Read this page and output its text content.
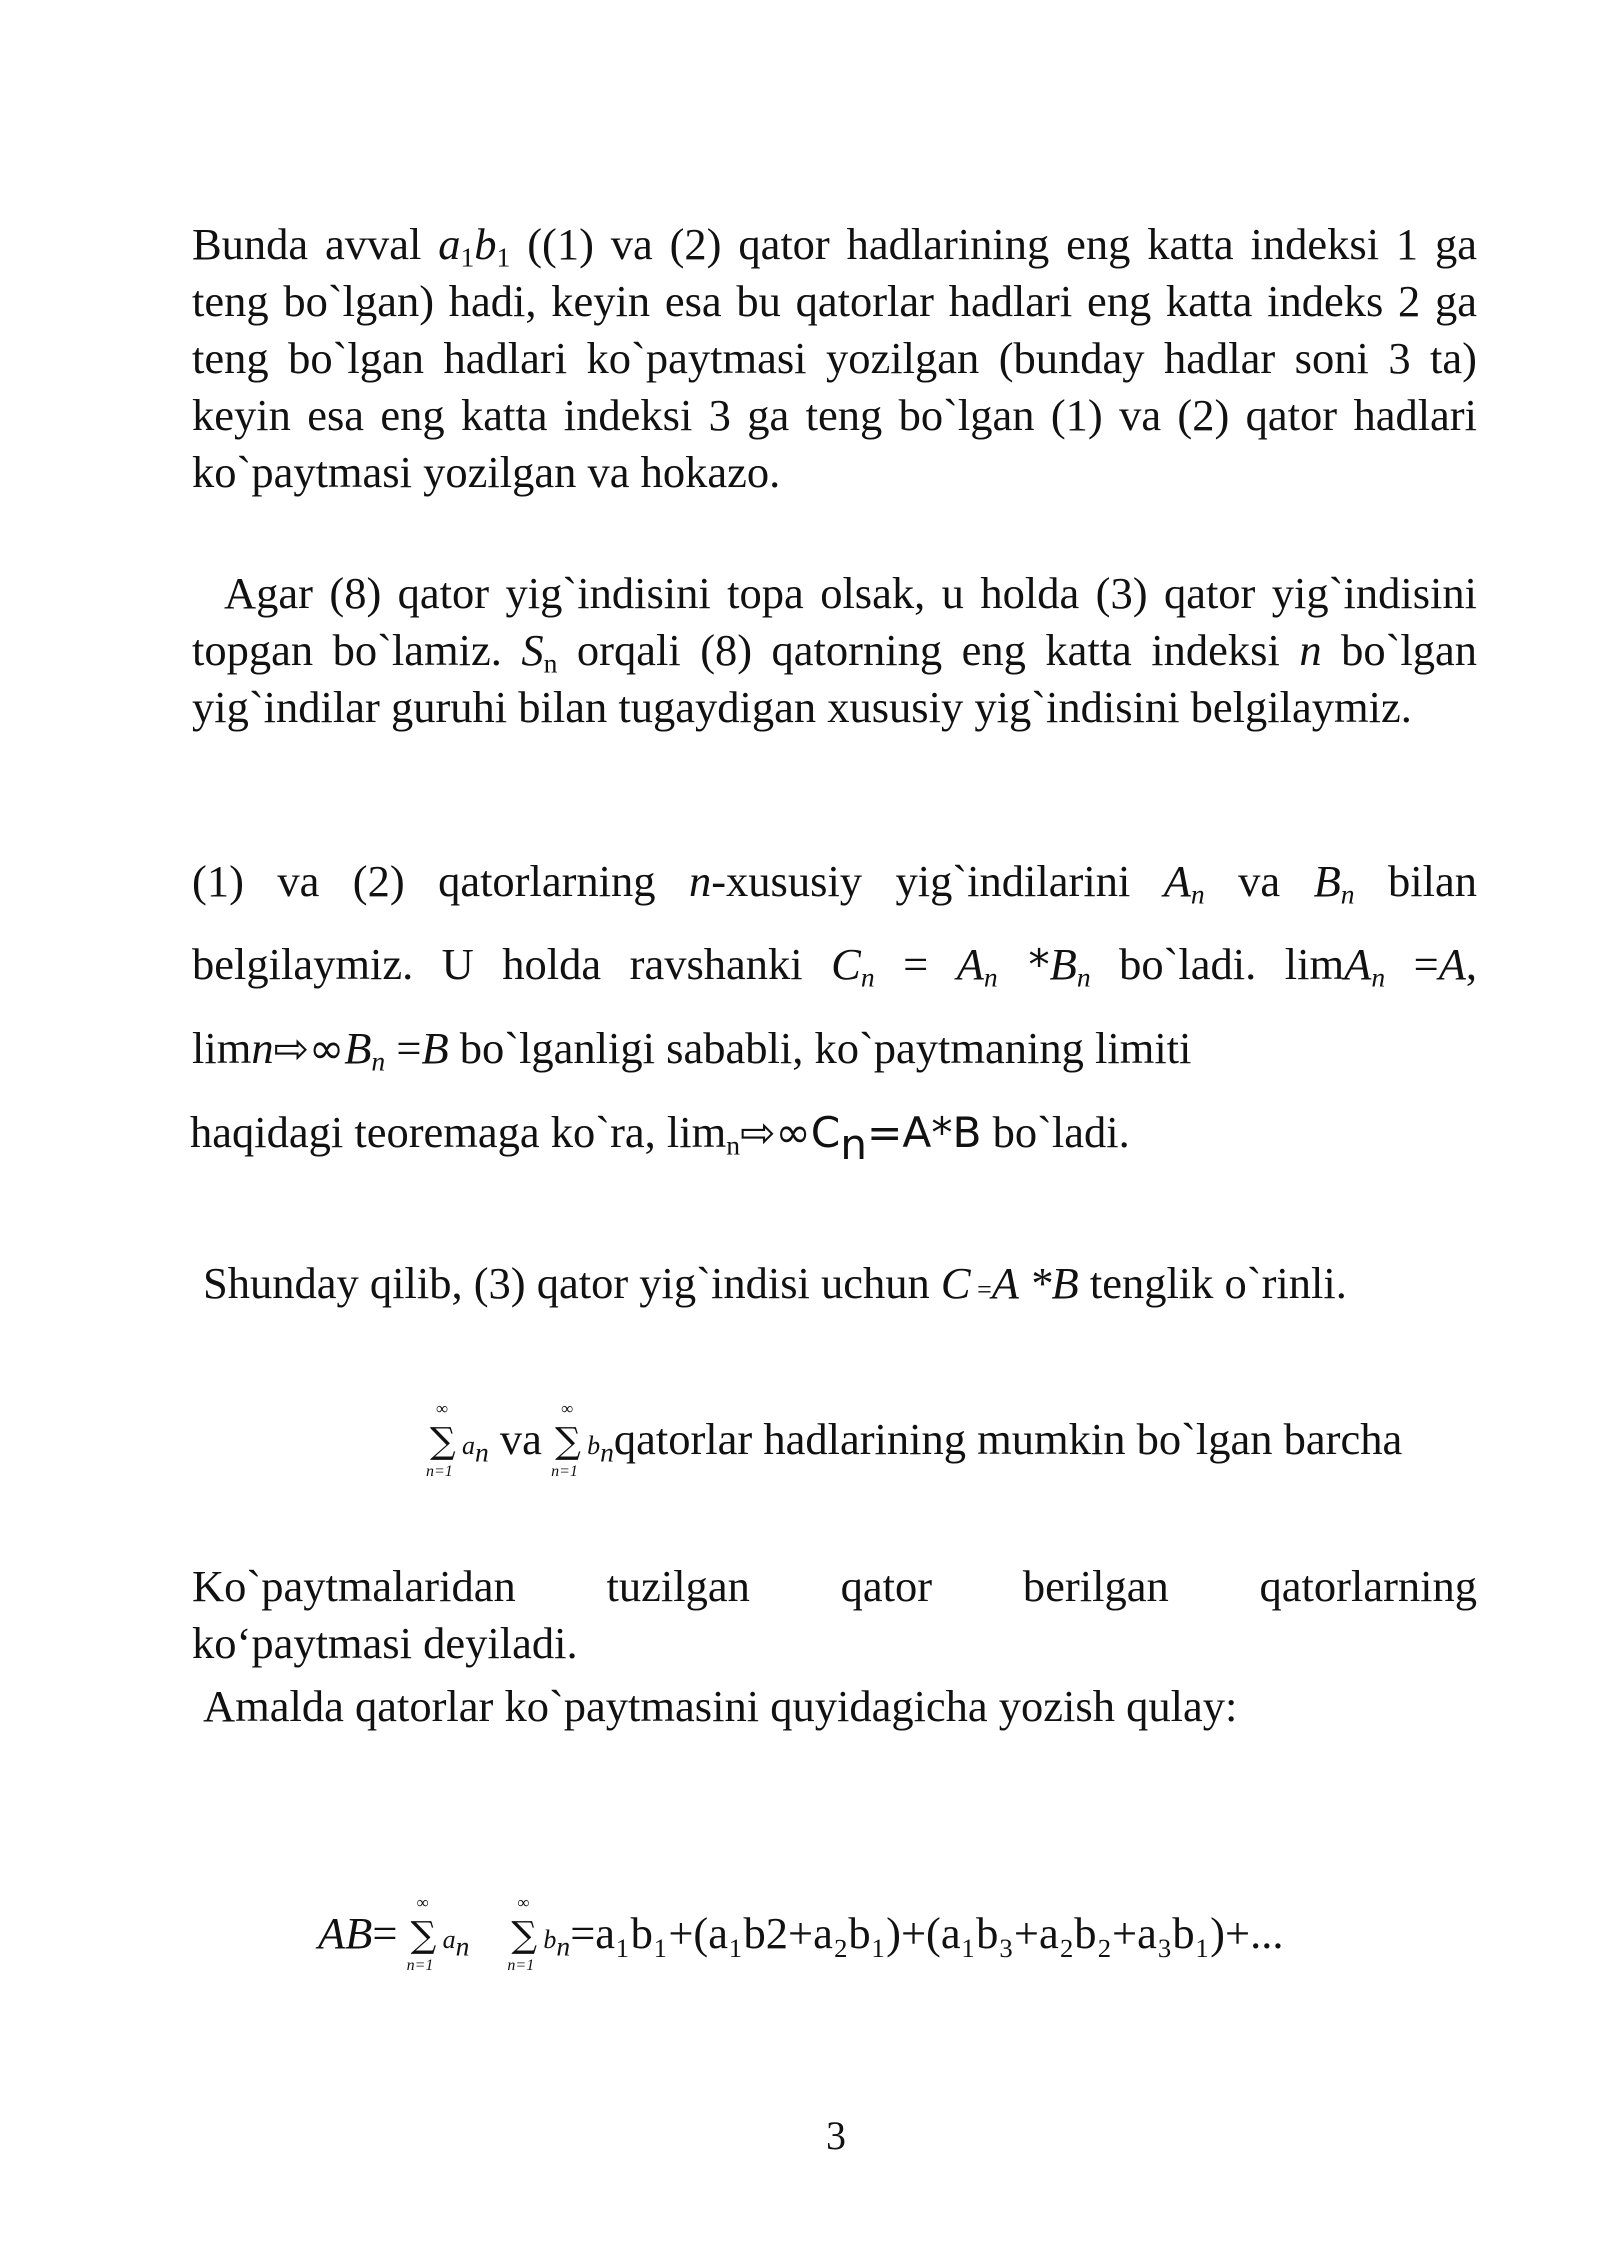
Bunda avval $a_1b_1$ ((1) va (2) qator hadlarining eng katta indeksi 1 ga teng bo`lgan) hadi, keyin esa bu qatorlar hadlari eng katta indeks 2 ga teng bo`lgan hadlari ko`paytmasi yozilgan (bunday hadlar soni 3 ta) keyin esa eng katta indeksi 3 ga teng bo`lgan (1) va (2) qator hadlari ko`paytmasi yozilgan va hokazo.

Agar (8) qator yig`indisini topa olsak, u holda (3) qator yig`indisini topgan bo`lamiz. $S_n$ orqali (8) qatorning eng katta indeksi n bo`lgan yig`indilar guruhi bilan tugaydigan xususiy yig`indisini belgilaymiz.

(1) va (2) qatorlarning n-xususiy yig`indilarini $A_n$ va $B_n$ bilan

belgilaymiz. U holda ravshanki $C_n = A_n$ $*B_n$ bo`ladi. limA$_n$ =A,

$\lim n⇨\infty B_n =B$ bo`lganligi sababli, ko`paytmaning limiti

haqidagi teoremaga ko`ra, $\lim_n⇨\infty C_n=A*B$ bo`ladi.

Shunday qilib, (3) qator yig`indisi uchun C =A *B tenglik o`rinli.

∞
∑
n=1
$a_n$ va
∞
∑
n=1
$b_nqatorlar$ hadlarining mumkin bo`lgan barcha

Ko`paytmalaridan tuzilgan qator berilgan qatorlarning

ko‘paytmasi deyiladi.

Amalda qatorlar ko`paytmasini quyidagicha yozish qulay:

AB=
∞
∑
n=1
$a_n$
∞
∑
n=1
$b_n=a_1b_1+(a_1b2+a_2b_1)+(a_1b_3+a_2b_2+a_3b_1)+$...

3
